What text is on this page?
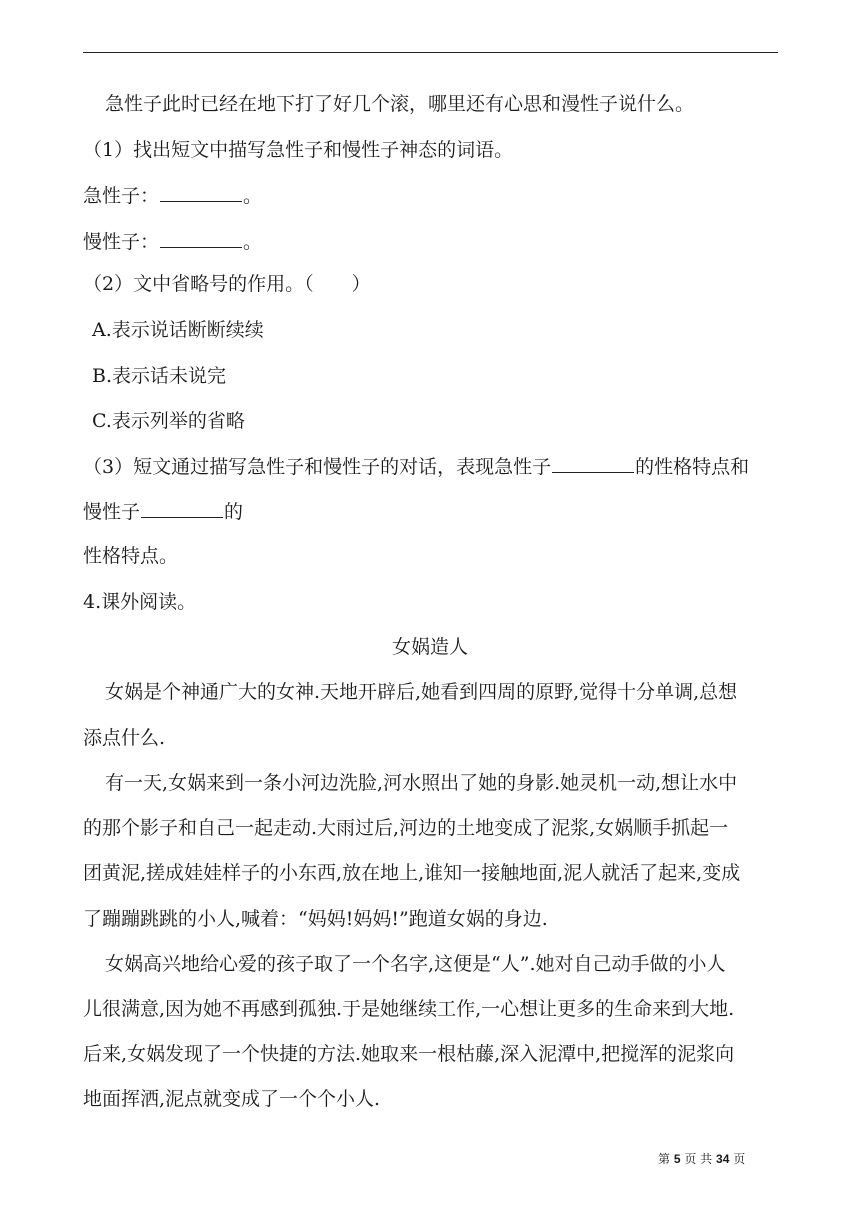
急性子此时已经在地下打了好几个滚，哪里还有心思和漫性子说什么。
（1）找出短文中描写急性子和慢性子神态的词语。
急性子：	。
慢性子：	。
（2）文中省略号的作用。（　　）
A.表示说话断断续续
B.表示话未说完
C.表示列举的省略
（3）短文通过描写急性子和慢性子的对话，表现急性子	的性格特点和
慢性子	的
性格特点。
4.课外阅读。
女娲造人
女娲是个神通广大的女神.天地开辟后,她看到四周的原野,觉得十分单调,总想
添点什么.
有一天,女娲来到一条小河边洗脸,河水照出了她的身影.她灵机一动,想让水中
的那个影子和自己一起走动.大雨过后,河边的土地变成了泥浆,女娲顺手抓起一
团黄泥,搓成娃娃样子的小东西,放在地上,谁知一接触地面,泥人就活了起来,变成
了蹦蹦跳跳的小人,喊着：“妈妈!妈妈!”跑道女娲的身边.
女娲高兴地给心爱的孩子取了一个名字,这便是“人”.她对自己动手做的小人
儿很满意,因为她不再感到孤独.于是她继续工作,一心想让更多的生命来到大地.
后来,女娲发现了一个快捷的方法.她取来一根枯藤,深入泥潭中,把搅浑的泥浆向
地面挥洒,泥点就变成了一个个小人.
第 5 页 共 34 页
